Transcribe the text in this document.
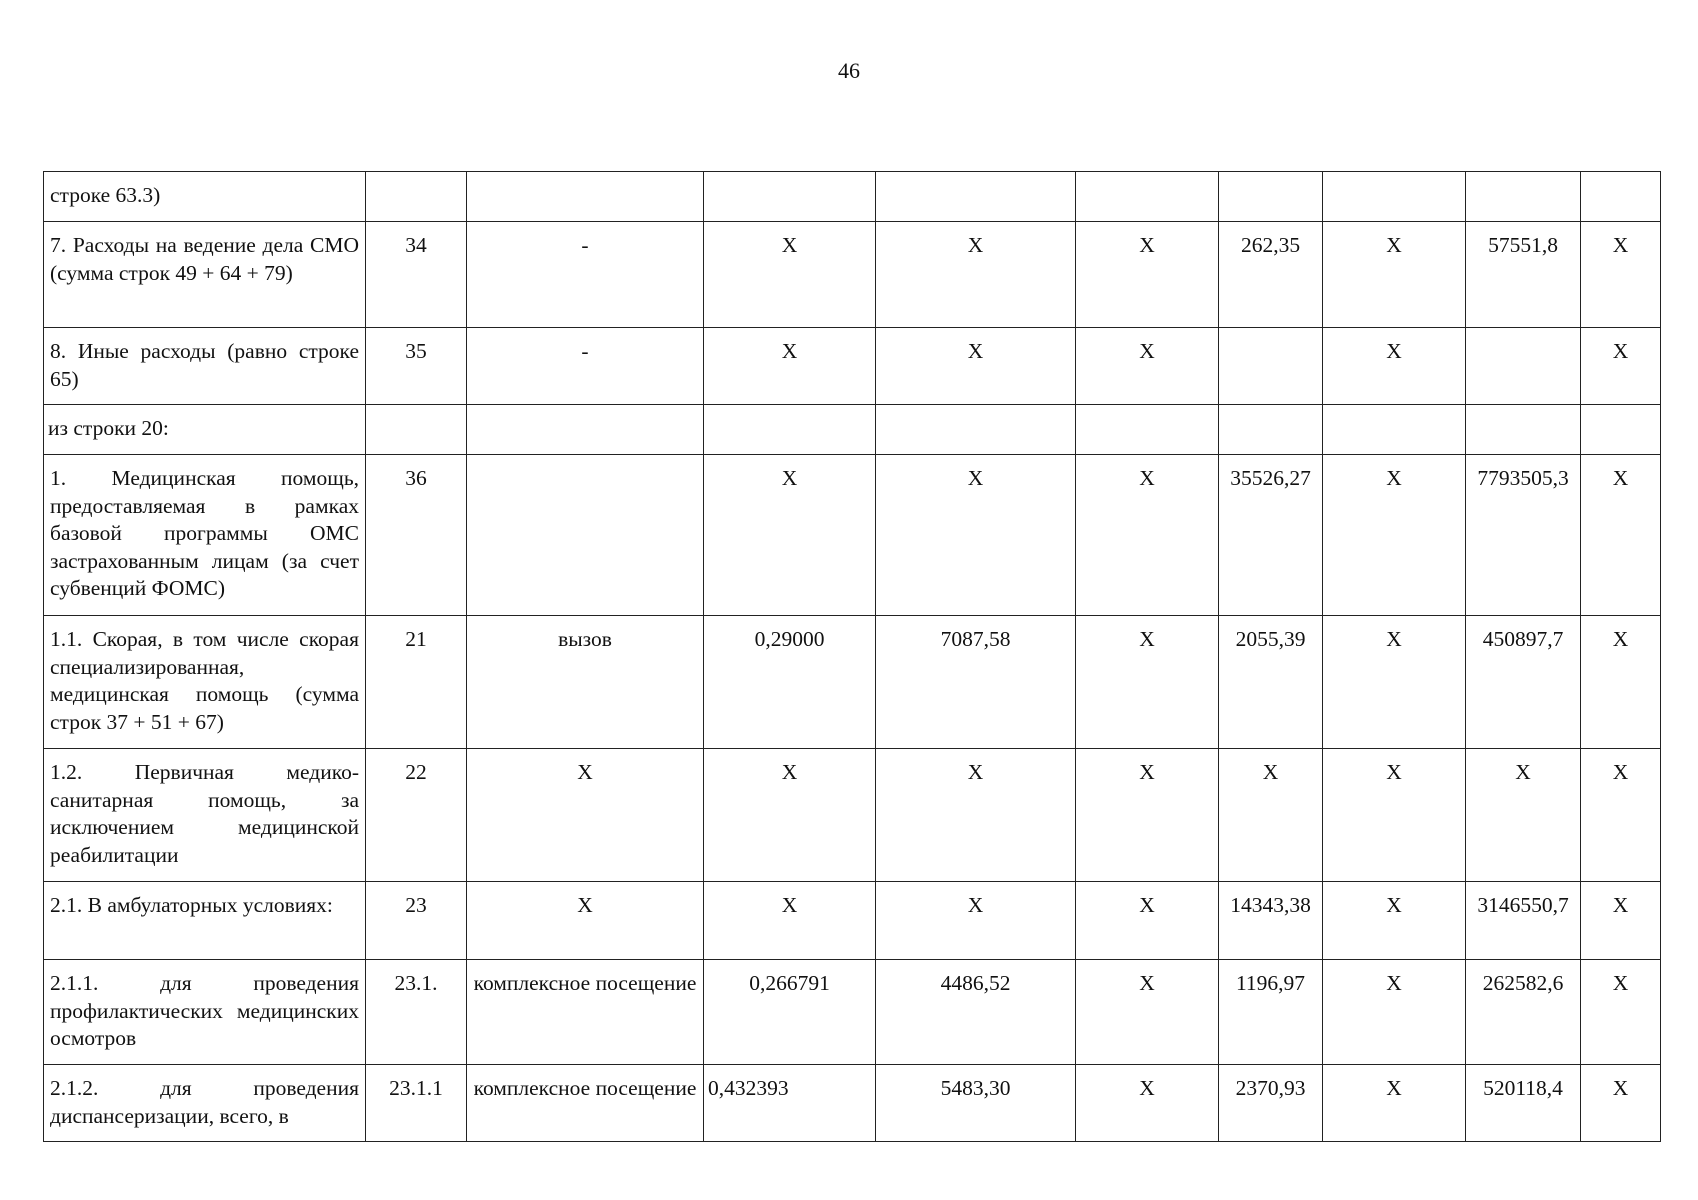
46
строке 63.3)									
7. Расходы на ведение дела СМО (сумма строк 49 + 64 + 79)	34	-	Х	Х	Х	262,35	Х	57551,8	Х
8. Иные расходы (равно строке 65)	35	-	Х	Х	Х		Х		Х
из строки 20:									
1. Медицинская помощь, предоставляемая в рамках базовой программы ОМС застрахованным лицам (за счет субвенций ФОМС)	36		Х	Х	Х	35526,27	Х	7793505,3	Х
1.1. Скорая, в том числе скорая специализированная, медицинская помощь (сумма строк 37 + 51 + 67)	21	вызов	0,29000	7087,58	Х	2055,39	Х	450897,7	Х
1.2. Первичная медико-санитарная помощь, за исключением медицинской реабилитации	22	Х	Х	Х	Х	Х	Х	Х	Х
2.1. В амбулаторных условиях:	23	Х	Х	Х	Х	14343,38	Х	3146550,7	Х
2.1.1. для проведения профилактических медицинских осмотров	23.1.	комплексное посещение	0,266791	4486,52	Х	1196,97	Х	262582,6	Х
2.1.2. для проведения диспансеризации, всего, в	23.1.1	комплексное посещение	0,432393	5483,30	Х	2370,93	Х	520118,4	Х
